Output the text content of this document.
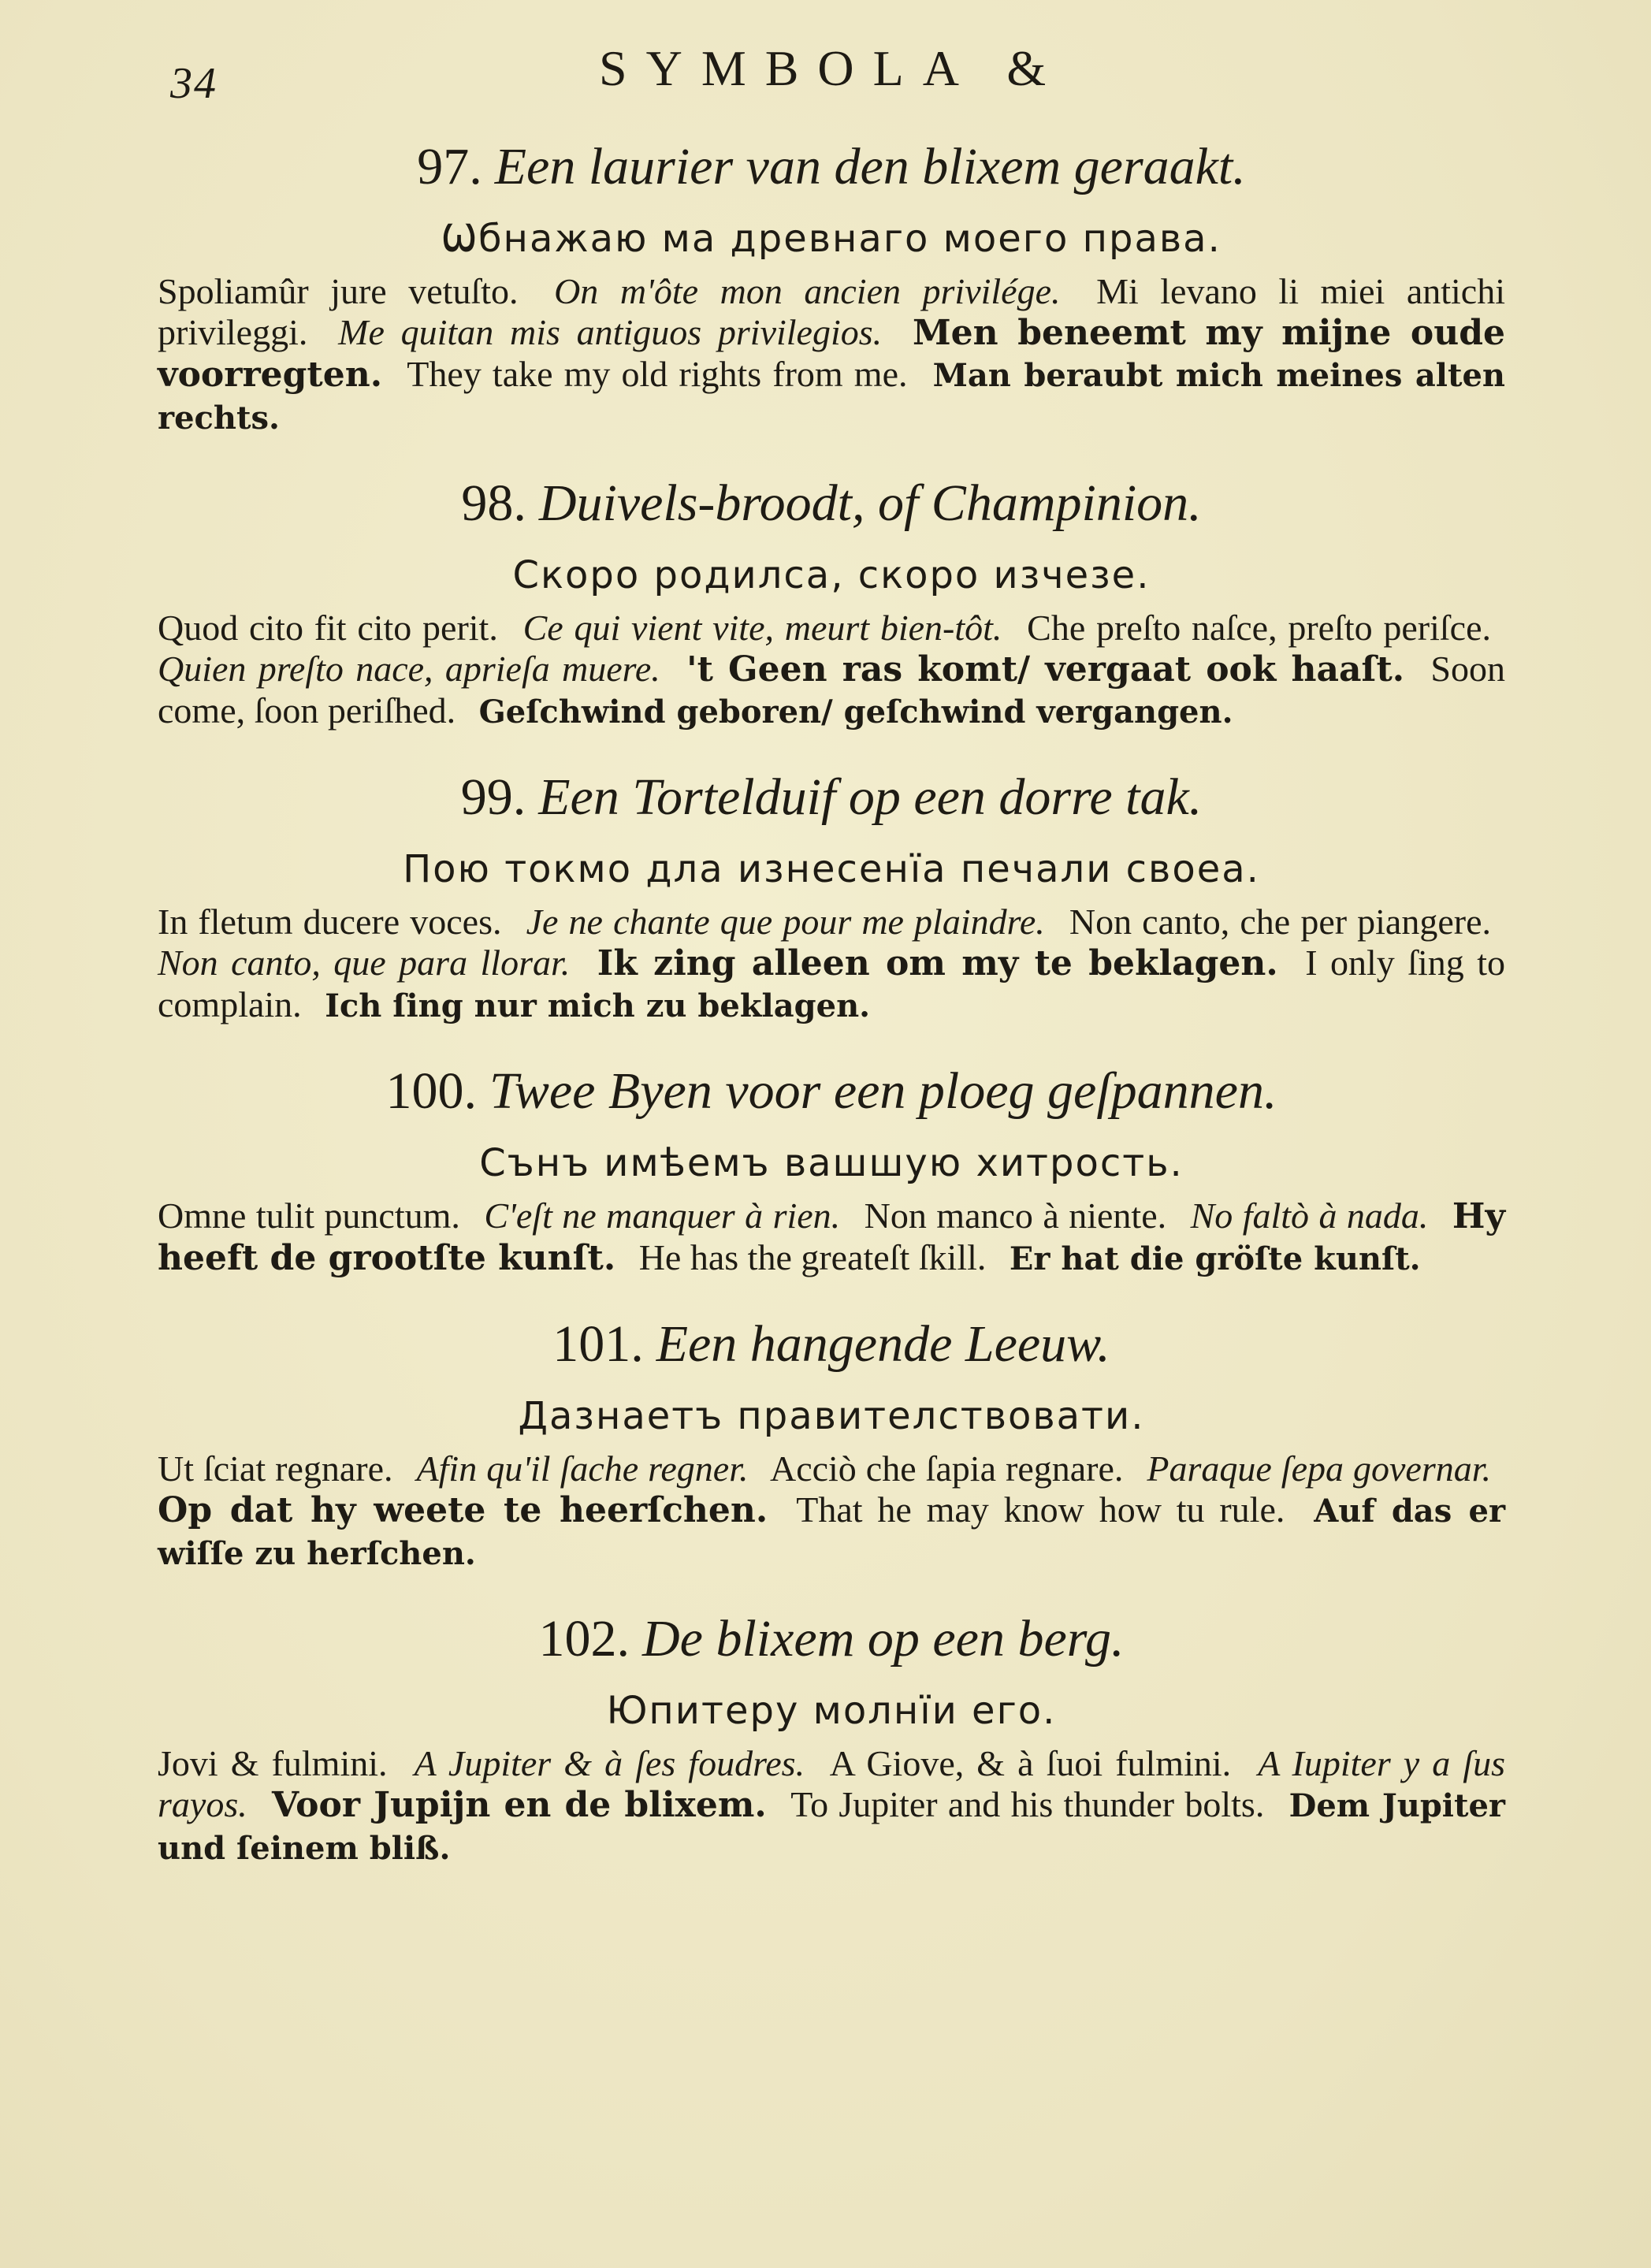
34	SYMBOLA &
97. Een laurier van den blixem geraakt.
Ѡбнажаю ма древнаго моего права.
Spoliamûr jure vetuſto. On m'ôte mon ancien privilége. Mi levano li miei antichi privileggi. Me quitan mis antiguos privilegios. Men beneemt my mijne oude voorregten. They take my old rights from me. Man beraubt mich meines alten rechts.
98. Duivels-broodt, of Champinion.
Скоро родилса, скоро изчезе.
Quod cito fit cito perit. Ce qui vient vite, meurt bien-tôt. Che preſto naſce, preſto periſce. Quien preſto nace, aprieſa muere. 't Geen ras komt/ vergaat ook haaſt. Soon come, ſoon periſhed. Geſchwind geboren/ geſchwind vergangen.
99. Een Tortelduif op een dorre tak.
Пою токмо дла изнесенїа печали своеа.
In fletum ducere voces. Je ne chante que pour me plaindre. Non canto, che per piangere. Non canto, que para llorar. Ik zing alleen om my te beklagen. I only ſing to complain. Ich ſing nur mich zu beklagen.
100. Twee Byen voor een ploeg geſpannen.
Сънъ имѣемъ вашшую хитрость.
Omne tulit punctum. C'eſt ne manquer à rien. Non manco à niente. No faltò à nada. Hy heeft de grootſte kunſt. He has the greateſt ſkill. Er hat die gröſte kunſt.
101. Een hangende Leeuw.
Дазнаетъ правителствовати.
Ut ſciat regnare. Afin qu'il ſache regner. Acciò che ſapia regnare. Paraque ſepa governar. Op dat hy weete te heerſchen. That he may know how tu rule. Auf das er wiſſe zu herſchen.
102. De blixem op een berg.
Юпитеру молнїи его.
Jovi & fulmini. A Jupiter & à ſes foudres. A Giove, & à ſuoi fulmini. A Iupiter y a ſus rayos. Voor Jupijn en de blixem. To Jupiter and his thunder bolts. Dem Jupiter und ſeinem bliß.
